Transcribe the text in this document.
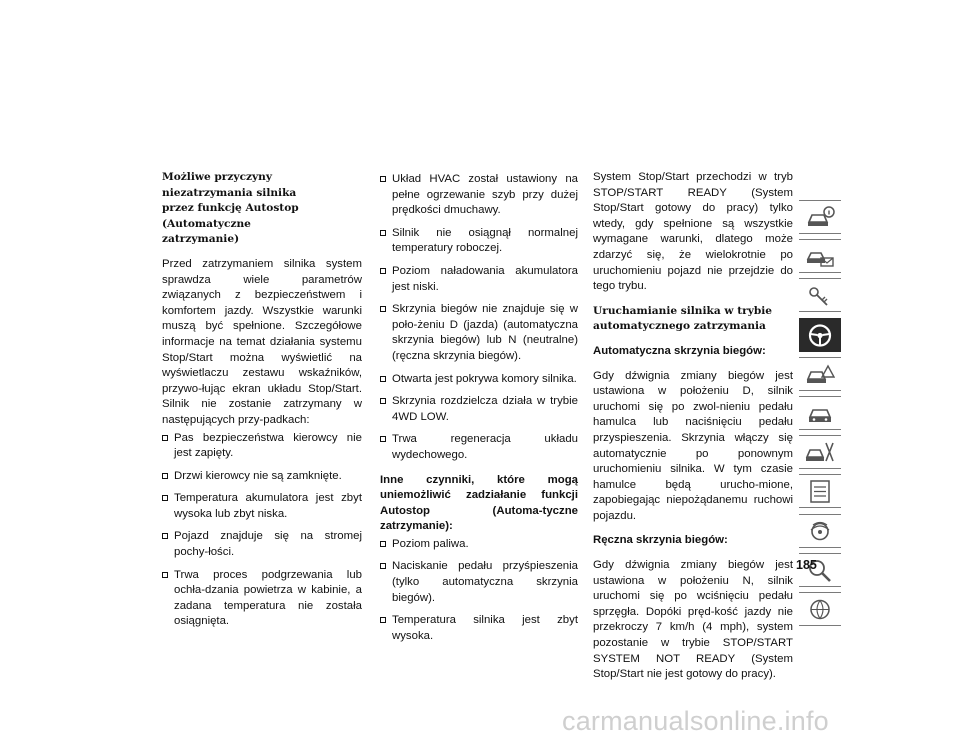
Możliwe przyczyny niezatrzymania silnika
przez funkcję Autostop (Automatyczne
zatrzymanie)

Przed zatrzymaniem silnika system sprawdza wiele parametrów związanych z bezpieczeństwem i komfortem jazdy. Wszystkie warunki muszą być spełnione. Szczegółowe informacje na temat działania systemu Stop/Start można wyświetlić na wyświetlaczu zestawu wskaźników, przywo-łując ekran układu Stop/Start. Silnik nie zostanie zatrzymany w następujących przy-padkach:

Pas bezpieczeństwa kierowcy nie jest zapięty.
Drzwi kierowcy nie są zamknięte.
Temperatura akumulatora jest zbyt wysoka lub zbyt niska.
Pojazd znajduje się na stromej pochy-łości.
Trwa proces podgrzewania lub ochła-dzania powietrza w kabinie, a zadana temperatura nie została osiągnięta.
Układ HVAC został ustawiony na pełne ogrzewanie szyb przy dużej prędkości dmuchawy.
Silnik nie osiągnął normalnej temperatury roboczej.
Poziom naładowania akumulatora jest niski.
Skrzynia biegów nie znajduje się w poło-żeniu D (jazda) (automatyczna skrzynia biegów) lub N (neutralne) (ręczna skrzynia biegów).
Otwarta jest pokrywa komory silnika.
Skrzynia rozdzielcza działa w trybie 4WD LOW.
Trwa regeneracja układu wydechowego.

Inne czynniki, które mogą uniemożliwić zadziałanie funkcji Autostop (Automa-tyczne zatrzymanie):

Poziom paliwa.
Naciskanie pedału przyśpieszenia (tylko automatyczna skrzynia biegów).
Temperatura silnika jest zbyt wysoka.

System Stop/Start przechodzi w tryb STOP/START READY (System Stop/Start gotowy do pracy) tylko wtedy, gdy spełnione są wszystkie wymagane warunki, dlatego może zdarzyć się, że wielokrotnie po uruchomieniu pojazd nie przejdzie do tego trybu.

Uruchamianie silnika w trybie
automatycznego zatrzymania

Automatyczna skrzynia biegów:

Gdy dźwignia zmiany biegów jest ustawiona w położeniu D, silnik uruchomi się po zwol-nieniu pedału hamulca lub naciśnięciu pedału przyspieszenia. Skrzynia włączy się automatycznie po ponownym uruchomieniu silnika. W tym czasie hamulce będą urucho-mione, zapobiegając niepożądanemu ruchowi pojazdu.

Ręczna skrzynia biegów:

Gdy dźwignia zmiany biegów jest ustawiona w położeniu N, silnik uruchomi się po wciśnięciu pedału sprzęgła. Dopóki pręd-kość jazdy nie przekroczy 7 km/h (4 mph), system pozostanie w trybie STOP/START SYSTEM NOT READY (System Stop/Start nie jest gotowy do pracy).

185
carmanualsonline.info
